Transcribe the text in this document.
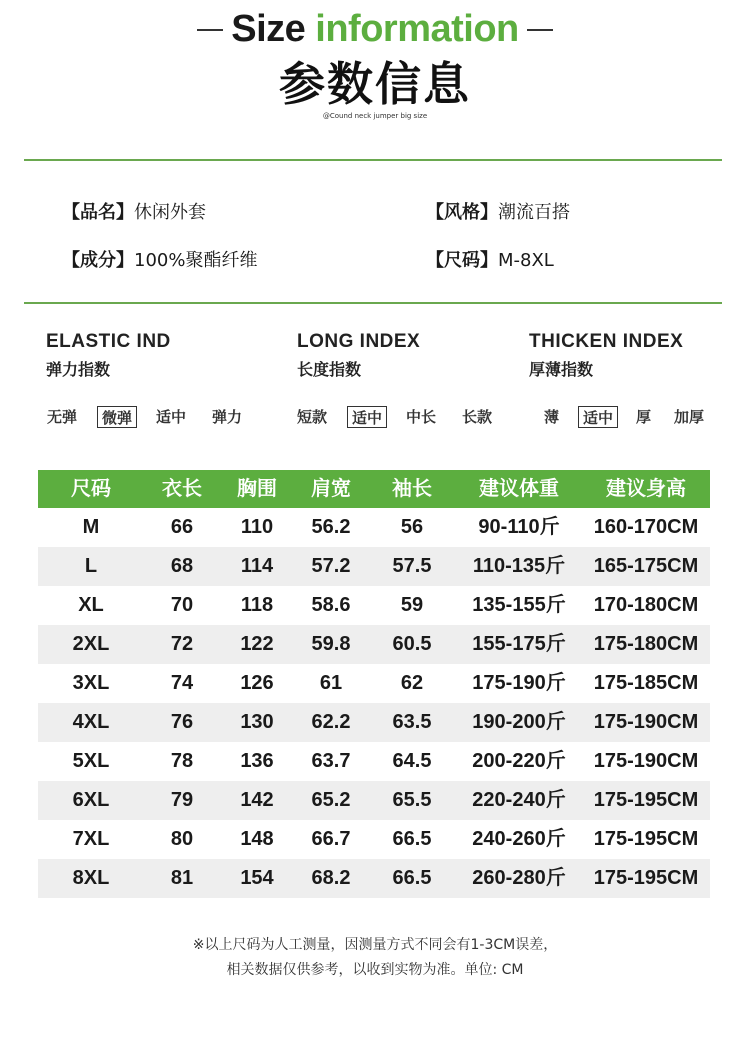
Size information
参数信息
@Cound neck jumper big size
【品名】休闲外套	【风格】潮流百搭
【成分】100%聚酯纤维	【尺码】M-8XL
ELASTIC IND
弹力指数
无弹	微弹	适中 弹力
LONG INDEX
长度指数
短款	适中	中长 长款
THICKEN INDEX
厚薄指数
薄	适中	厚 加厚
尺码	衣长	胸围	肩宽	袖长	建议体重	建议身高
M	66	110	56.2	56	90-110斤	160-170CM
L	68	114	57.2	57.5	110-135斤	165-175CM
XL	70	118	58.6	59	135-155斤	170-180CM
2XL	72	122	59.8	60.5	155-175斤	175-180CM
3XL	74	126	61	62	175-190斤	175-185CM
4XL	76	130	62.2	63.5	190-200斤	175-190CM
5XL	78	136	63.7	64.5	200-220斤	175-190CM
6XL	79	142	65.2	65.5	220-240斤	175-195CM
7XL	80	148	66.7	66.5	240-260斤	175-195CM
8XL	81	154	68.2	66.5	260-280斤	175-195CM
※以上尺码为人工测量，因测量方式不同会有1-3CM误差，
相关数据仅供参考，以收到实物为准。单位: CM
